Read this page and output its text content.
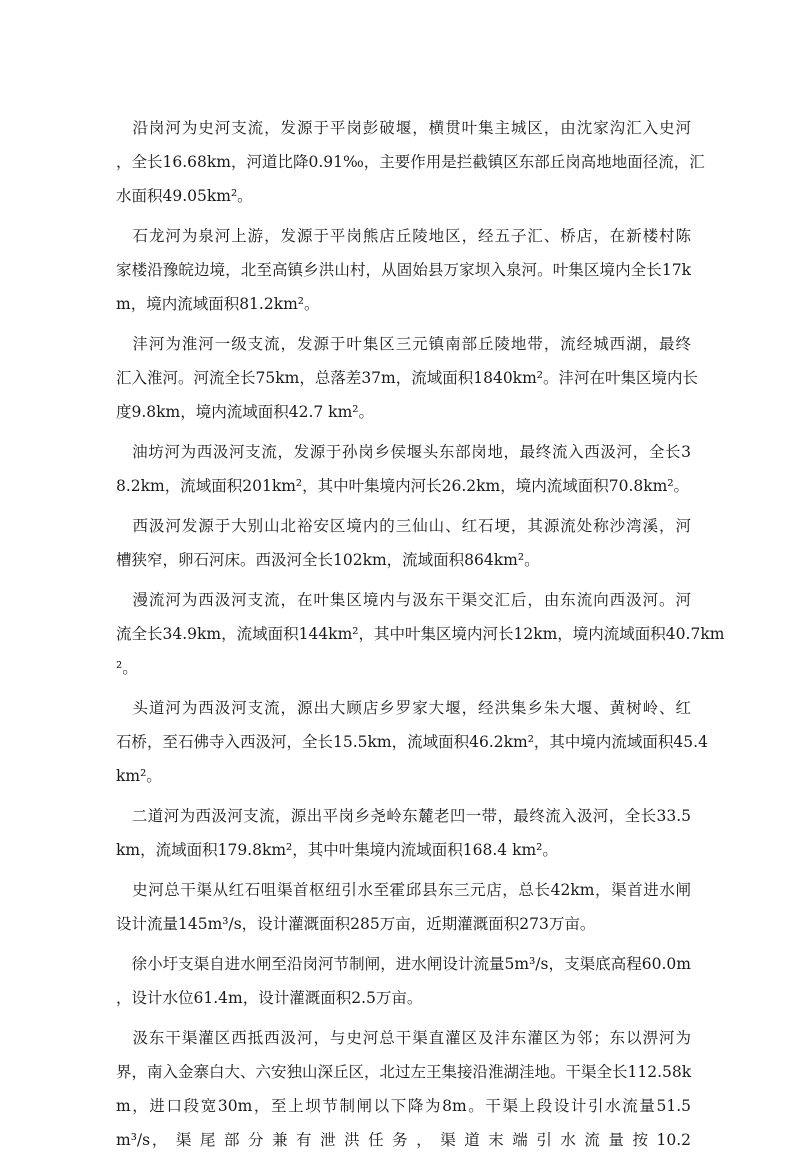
　沿岗河为史河支流，发源于平岗彭破堰，横贯叶集主城区，由沈家沟汇入史河
，全长16.68km，河道比降0.91‰，主要作用是拦截镇区东部丘岗高地地面径流，汇
水面积49.05km²。
　石龙河为泉河上游，发源于平岗熊店丘陵地区，经五子汇、桥店，在新楼村陈
家楼沿豫皖边境，北至高镇乡洪山村，从固始县万家坝入泉河。叶集区境内全长17k
m，境内流域面积81.2km²。
　沣河为淮河一级支流，发源于叶集区三元镇南部丘陵地带，流经城西湖，最终
汇入淮河。河流全长75km，总落差37m，流域面积1840km²。沣河在叶集区境内长
度9.8km，境内流域面积42.7 km²。
　油坊河为西汲河支流，发源于孙岗乡侯堰头东部岗地，最终流入西汲河，全长3
8.2km，流域面积201km²，其中叶集境内河长26.2km，境内流域面积70.8km²。
　西汲河发源于大别山北裕安区境内的三仙山、红石埂，其源流处称沙湾溪，河
槽狭窄，卵石河床。西汲河全长102km，流域面积864km²。
　漫流河为西汲河支流，在叶集区境内与汲东干渠交汇后，由东流向西汲河。河
流全长34.9km，流域面积144km²，其中叶集区境内河长12km，境内流域面积40.7km
²。
　头道河为西汲河支流，源出大顾店乡罗家大堰，经洪集乡朱大堰、黄树岭、红
石桥，至石佛寺入西汲河，全长15.5km，流域面积46.2km²，其中境内流域面积45.4
km²。
　二道河为西汲河支流，源出平岗乡尧岭东麓老凹一带，最终流入汲河，全长33.5
km，流域面积179.8km²，其中叶集境内流域面积168.4 km²。
　史河总干渠从红石咀渠首枢纽引水至霍邱县东三元店，总长42km，渠首进水闸
设计流量145m³/s，设计灌溉面积285万亩，近期灌溉面积273万亩。
　徐小圩支渠自进水闸至沿岗河节制闸，进水闸设计流量5m³/s，支渠底高程60.0m
，设计水位61.4m，设计灌溉面积2.5万亩。
　汲东干渠灌区西抵西汲河，与史河总干渠直灌区及沣东灌区为邻；东以淠河为
界，南入金寨白大、六安独山深丘区，北过左王集接沿淮湖洼地。干渠全长112.58k
m，进口段宽30m，至上坝节制闸以下降为8m。干渠上段设计引水流量51.5
m³/s， 渠 尾 部 分 兼 有 泄 洪 任 务 ， 渠 道 末 端 引 水 流 量 按 10.2
